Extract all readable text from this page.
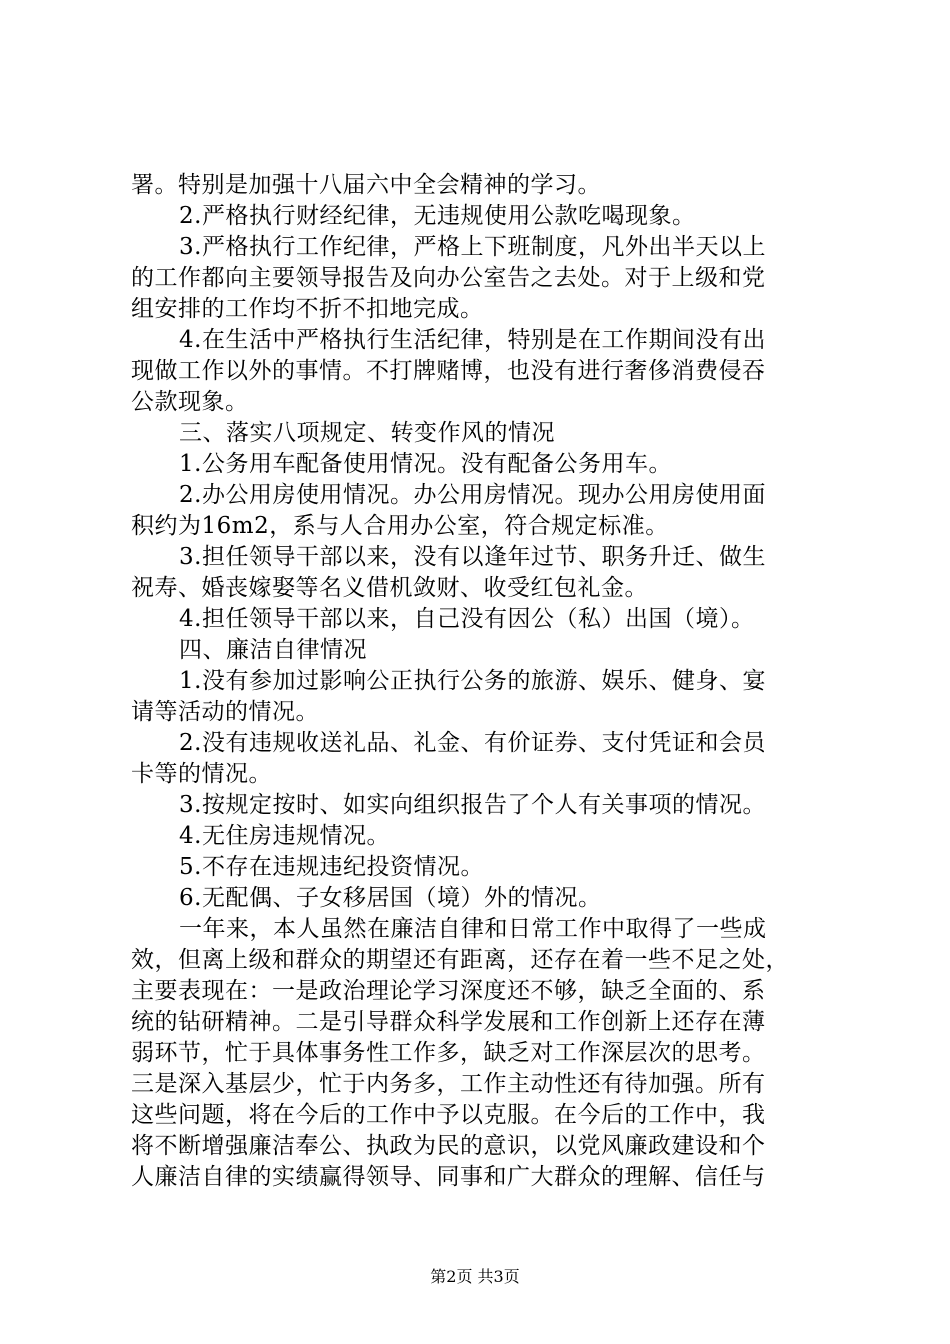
署。特别是加强十八届六中全会精神的学习。
2.严格执行财经纪律，无违规使用公款吃喝现象。
3.严格执行工作纪律，严格上下班制度，凡外出半天以上
的工作都向主要领导报告及向办公室告之去处。对于上级和党
组安排的工作均不折不扣地完成。
4.在生活中严格执行生活纪律，特别是在工作期间没有出
现做工作以外的事情。不打牌赌博，也没有进行奢侈消费侵吞
公款现象。
三、落实八项规定、转变作风的情况
1.公务用车配备使用情况。没有配备公务用车。
2.办公用房使用情况。办公用房情况。现办公用房使用面
积约为16m2，系与人合用办公室，符合规定标准。
3.担任领导干部以来，没有以逢年过节、职务升迁、做生
祝寿、婚丧嫁娶等名义借机敛财、收受红包礼金。
4.担任领导干部以来，自己没有因公（私）出国（境）。
四、廉洁自律情况
1.没有参加过影响公正执行公务的旅游、娱乐、健身、宴
请等活动的情况。
2.没有违规收送礼品、礼金、有价证券、支付凭证和会员
卡等的情况。
3.按规定按时、如实向组织报告了个人有关事项的情况。
4.无住房违规情况。
5.不存在违规违纪投资情况。
6.无配偶、子女移居国（境）外的情况。
一年来，本人虽然在廉洁自律和日常工作中取得了一些成
效，但离上级和群众的期望还有距离，还存在着一些不足之处，
主要表现在：一是政治理论学习深度还不够，缺乏全面的、系
统的钻研精神。二是引导群众科学发展和工作创新上还存在薄
弱环节，忙于具体事务性工作多，缺乏对工作深层次的思考。
三是深入基层少，忙于内务多，工作主动性还有待加强。所有
这些问题，将在今后的工作中予以克服。在今后的工作中，我
将不断增强廉洁奉公、执政为民的意识，以党风廉政建设和个
人廉洁自律的实绩赢得领导、同事和广大群众的理解、信任与
第2页 共3页
